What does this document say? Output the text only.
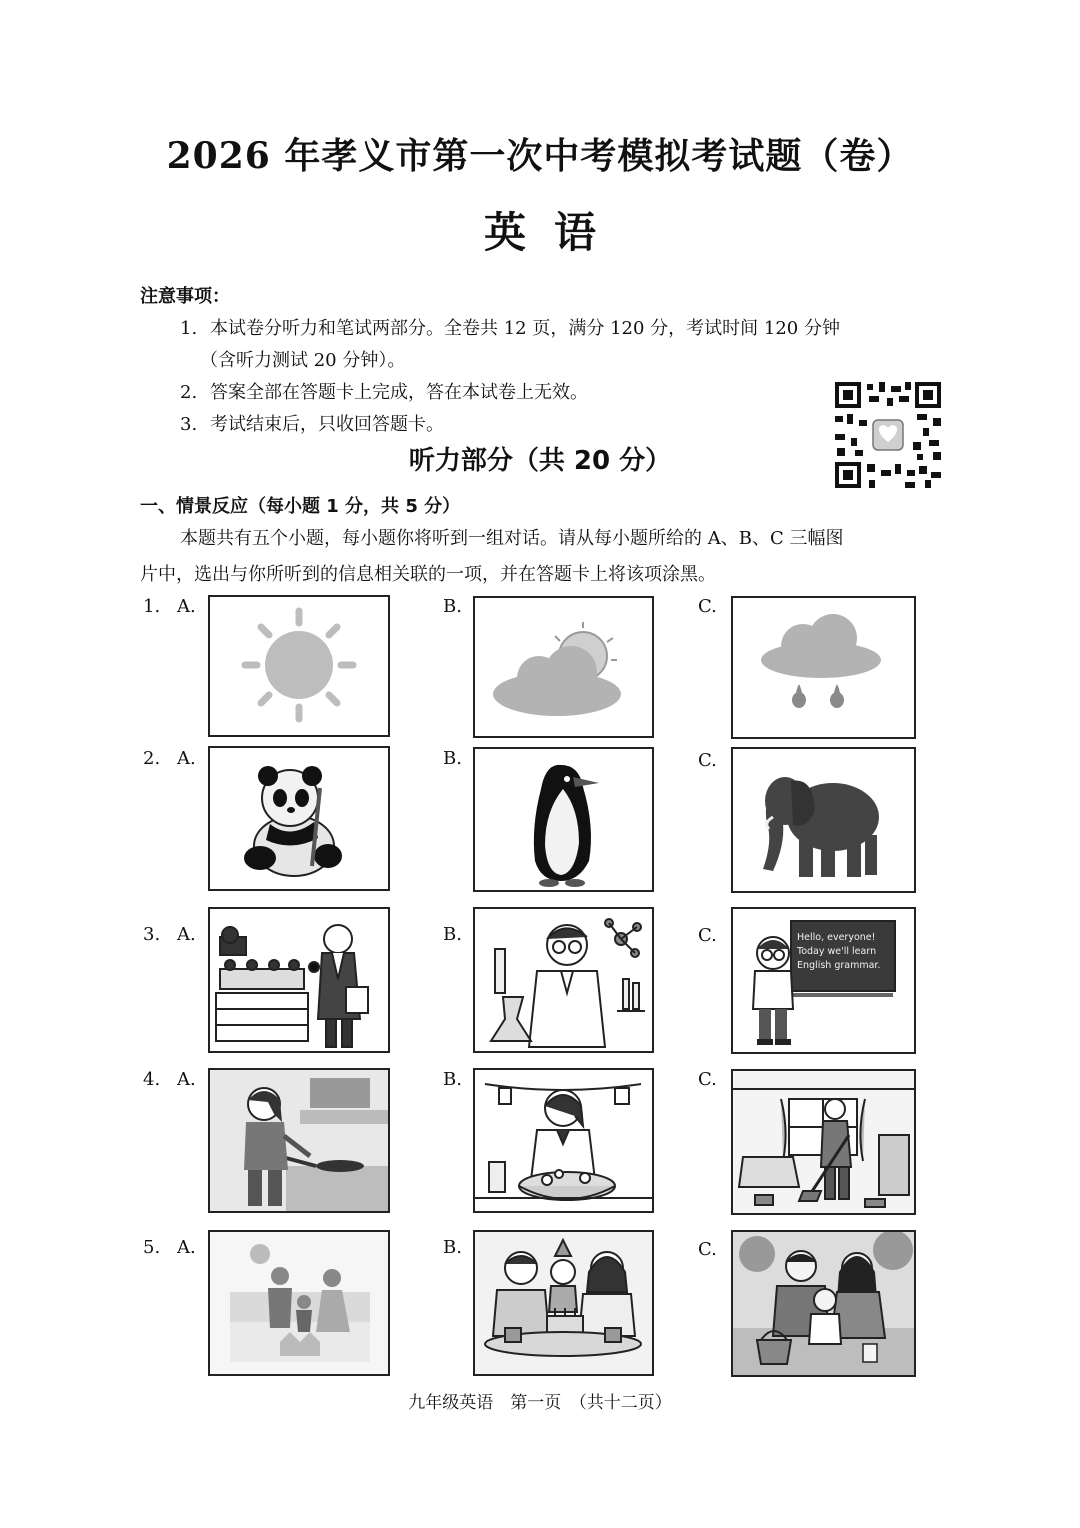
2026 年孝义市第一次中考模拟考试题（卷）
英语
注意事项：
1. 本试卷分听力和笔试两部分。全卷共 12 页，满分 120 分，考试时间 120 分钟
（含听力测试 20 分钟）。
2. 答案全部在答题卡上完成，答在本试卷上无效。
3. 考试结束后，只收回答题卡。
听力部分（共 20 分）
一、情景反应（每小题 1 分，共 5 分）
本题共有五个小题，每小题你将听到一组对话。请从每小题所给的 A、B、C 三幅图
片中，选出与你所听到的信息相关联的一项，并在答题卡上将该项涂黑。
1. A.	B.	C.
2. A.	B.	C.
3. A.	B.	C.	Hello, everyone!
Today we'll learn
English grammar.
4. A.	B.	C.
5. A.	B.	C.
九年级英语　第一页　（共十二页）
